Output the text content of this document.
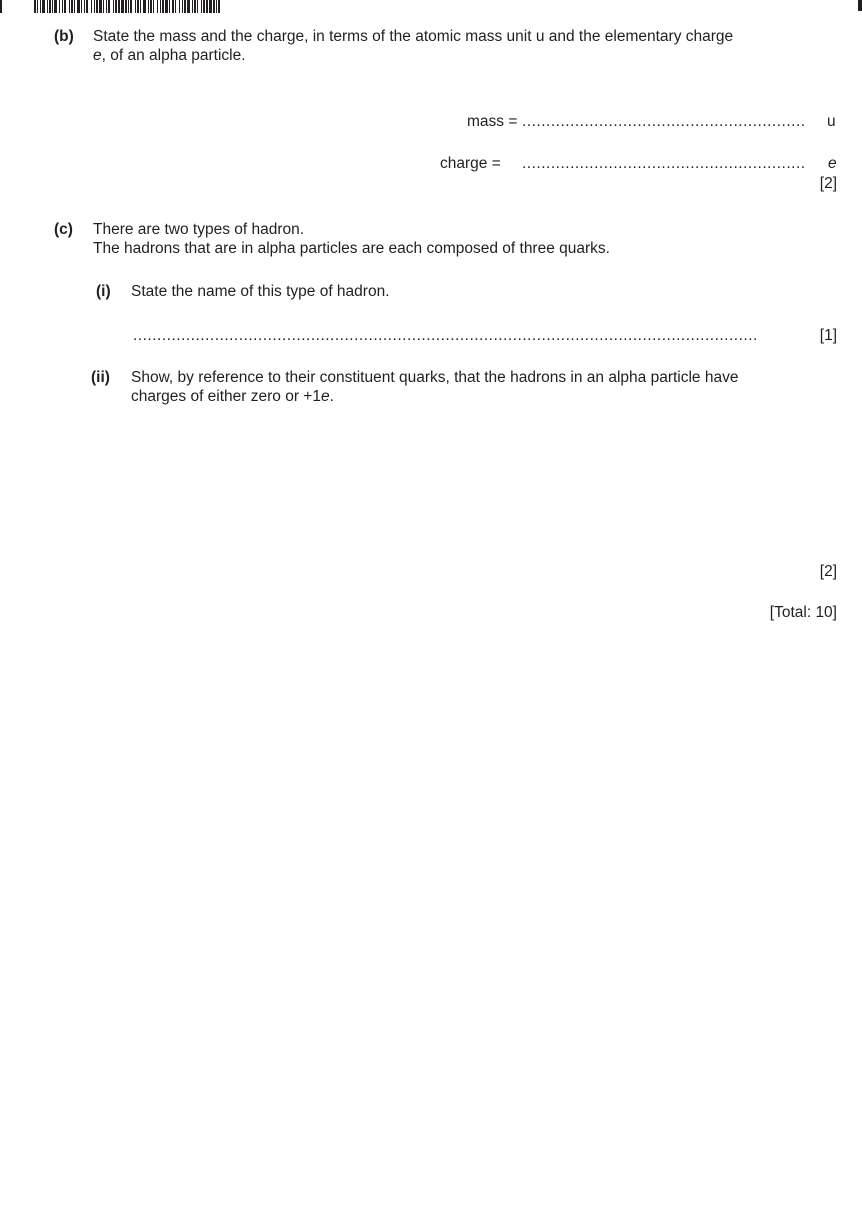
(b) State the mass and the charge, in terms of the atomic mass unit u and the elementary charge
e, of an alpha particle.
mass = ........................................................... u
charge = ........................................................... e
[2]
(c) There are two types of hadron.
The hadrons that are in alpha particles are each composed of three quarks.
(i) State the name of this type of hadron.
..................................................................................................................................	[1]
(ii) Show, by reference to their constituent quarks, that the hadrons in an alpha particle have
charges of either zero or +1e.
[2]
[Total: 10]
